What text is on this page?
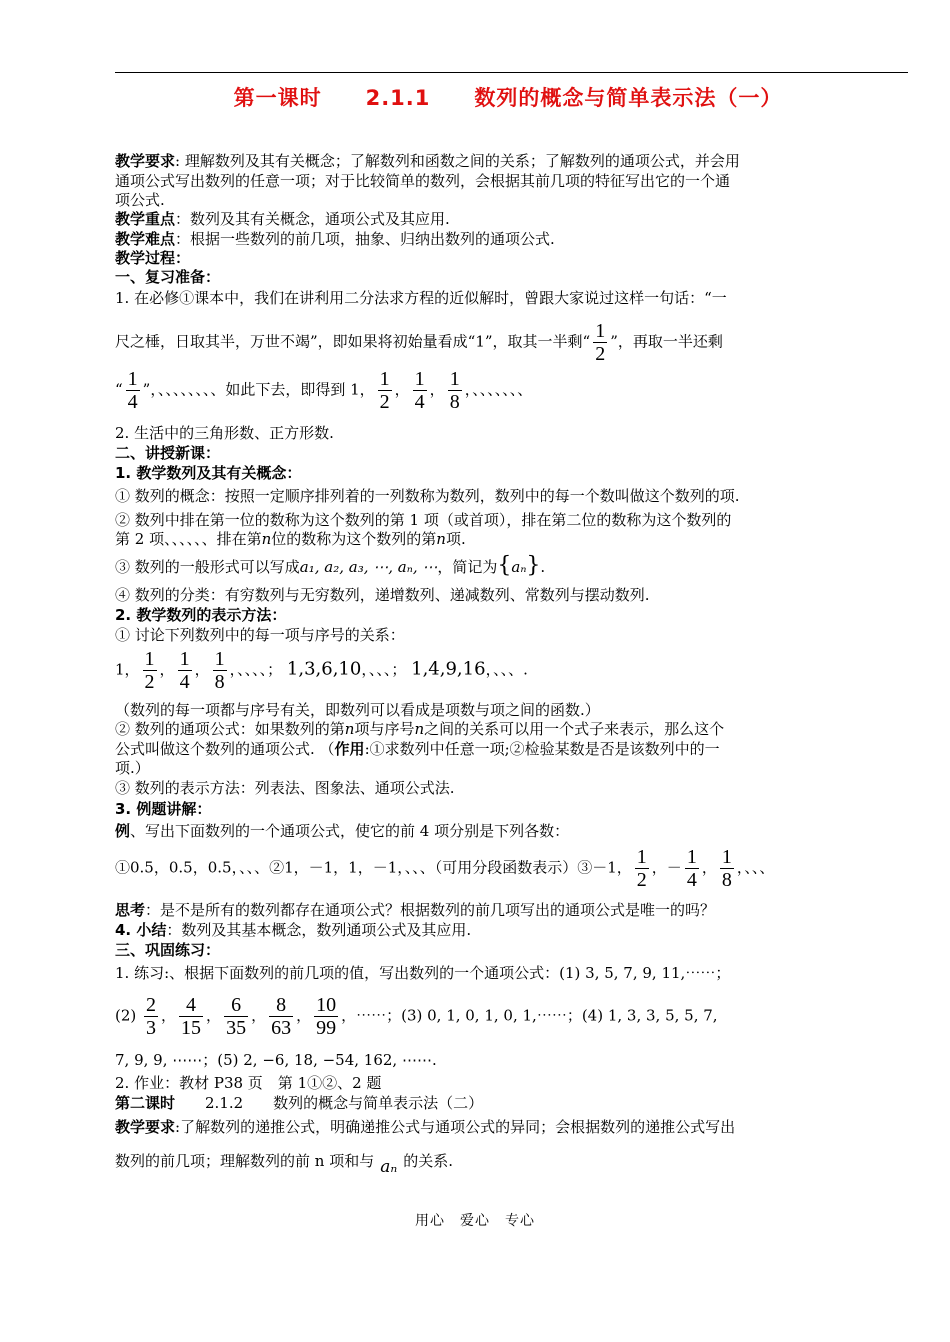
第一课时　　2.1.1　　数列的概念与简单表示法（一）
教学要求: 理解数列及其有关概念；了解数列和函数之间的关系；了解数列的通项公式，并会用
通项公式写出数列的任意一项；对于比较简单的数列，会根据其前几项的特征写出它的一个通
项公式.
教学重点：数列及其有关概念，通项公式及其应用.
教学难点：根据一些数列的前几项，抽象、归纳出数列的通项公式.
教学过程：
一、复习准备：
1. 在必修①课本中，我们在讲利用二分法求方程的近似解时，曾跟大家说过这样一句话：“一
尺之棰，日取其半，万世不竭”，即如果将初始量看成“1”，取其一半剩“ $\frac{1}{2}$ ”，再取一半还剩
“ $\frac{1}{4}$ ”，、、、、、、、、如此下去，即得到 1， $\frac{1}{2}$ ， $\frac{1}{4}$ ， $\frac{1}{8}$ ，、、、、、、、
2. 生活中的三角形数、正方形数.
二、讲授新课：
1. 教学数列及其有关概念：
① 数列的概念：按照一定顺序排列着的一列数称为数列，数列中的每一个数叫做这个数列的项.
② 数列中排在第一位的数称为这个数列的第 1 项（或首项），排在第二位的数称为这个数列的
第 2 项、、、、、、排在第n位的数称为这个数列的第n项.
③ 数列的一般形式可以写成a₁, a₂, a₃, ⋯, aₙ, ⋯，简记为{aₙ}.
④ 数列的分类：有穷数列与无穷数列，递增数列、递减数列、常数列与摆动数列.
2. 教学数列的表示方法：
① 讨论下列数列中的每一项与序号的关系：
1， $\frac{1}{2}$ ， $\frac{1}{4}$ ， $\frac{1}{8}$ ，、、、、； 1,3,6,10，、、、； 1,4,9,16，、、、.
（数列的每一项都与序号有关，即数列可以看成是项数与项之间的函数.）
② 数列的通项公式：如果数列的第n项与序号n之间的关系可以用一个式子来表示，那么这个
公式叫做这个数列的通项公式. （作用:①求数列中任意一项;②检验某数是否是该数列中的一
项.）
③ 数列的表示方法：列表法、图象法、通项公式法.
3. 例题讲解：
例、写出下面数列的一个通项公式，使它的前 4 项分别是下列各数：
①0.5，0.5，0.5，、、、②1，－1，1，－1，、、、（可用分段函数表示）③－1， $\frac{1}{2}$ ，－ $\frac{1}{4}$ ， $\frac{1}{8}$ ，、、、
思考：是不是所有的数列都存在通项公式？根据数列的前几项写出的通项公式是唯一的吗？
4. 小结：数列及其基本概念，数列通项公式及其应用.
三、巩固练习：
1. 练习:、根据下面数列的前几项的值，写出数列的一个通项公式：(1) 3, 5, 7, 9, 11,⋯⋯；
$(2) \frac{2}{3}$ ， $\frac{4}{15}$ ， $\frac{6}{35}$ ， $\frac{8}{63}$ ， $\frac{10}{99}$ ，⋯⋯；(3) 0, 1, 0, 1, 0, 1,⋯⋯；(4) 1, 3, 3, 5, 5, 7,
7, 9, 9, ⋯⋯；(5) 2, −6, 18, −54, 162, ⋯⋯.
2. 作业：教材 P38 页　第 1①②、2 题
第二课时　　2.1.2　　数列的概念与简单表示法（二）
教学要求:了解数列的递推公式，明确递推公式与通项公式的异同；会根据数列的递推公式写出
数列的前几项；理解数列的前 n 项和与 aₙ 的关系.
用心　爱心　专心
